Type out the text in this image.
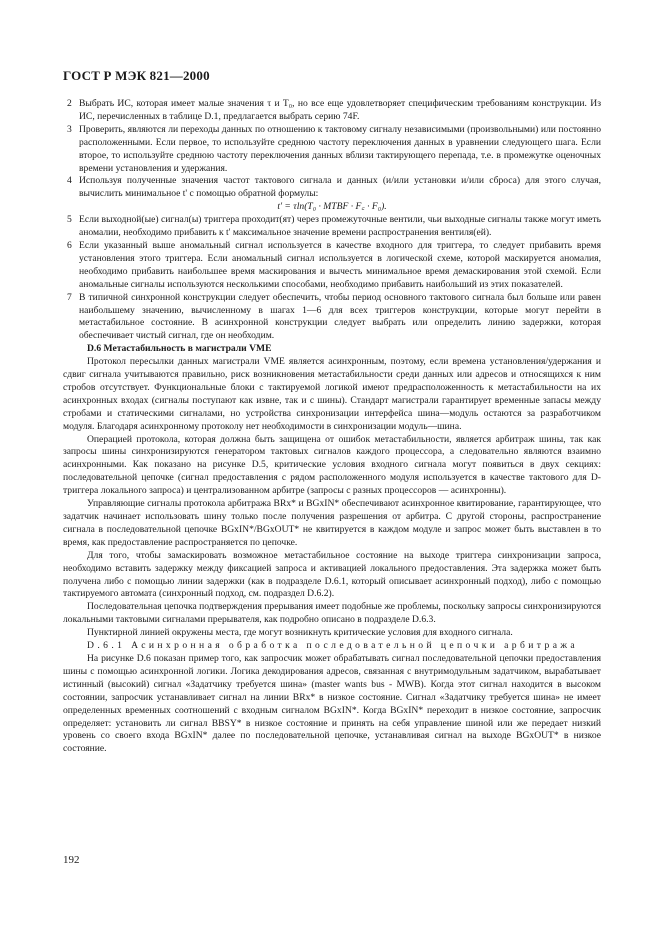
ГОСТ Р МЭК 821—2000
2 Выбрать ИС, которая имеет малые значения τ и T₀, но все еще удовлетворяет специфическим требованиям конструкции. Из ИС, перечисленных в таблице D.1, предлагается выбрать серию 74F.
3 Проверить, являются ли переходы данных по отношению к тактовому сигналу независимыми (произвольными) или постоянно расположенными. Если первое, то используйте среднюю частоту переключения данных в уравнении следующего шага. Если второе, то используйте среднюю частоту переключения данных вблизи тактирующего перепада, т.е. в промежутке оценочных времени установления и удержания.
4 Используя полученные значения частот тактового сигнала и данных (и/или установки и/или сброса) для этого случая, вычислить минимальное t' с помощью обратной формулы:

t' = τln(T₀ · MTBF · F꜀ · F₀).

5 Если выходной(ые) сигнал(ы) триггера проходит(ят) через промежуточные вентили, чьи выходные сигналы также могут иметь аномалии, необходимо прибавить к t' максимальное значение времени распространения вентиля(ей).
6 Если указанный выше аномальный сигнал используется в качестве входного для триггера, то следует прибавить время установления этого триггера. Если аномальный сигнал используется в логической схеме, которой маскируется аномалия, необходимо прибавить наибольшее время маскирования и вычесть минимальное время демаскирования этой схемой. Если аномальные сигналы используются несколькими способами, необходимо прибавить наибольший из этих показателей.
7 В типичной синхронной конструкции следует обеспечить, чтобы период основного тактового сигнала был больше или равен наибольшему значению, вычисленному в шагах 1—6 для всех триггеров конструкции, которые могут перейти в метастабильное состояние. В асинхронной конструкции следует выбрать или определить линию задержки, которая обеспечивает чистый сигнал, где он необходим.

D.6 Метастабильность в магистрали VME

Протокол пересылки данных магистрали VME является асинхронным, поэтому, если времена установления/удержания и сдвиг сигнала учитываются правильно, риск возникновения метастабильности среди данных или адресов и относящихся к ним стробов отсутствует. Функциональные блоки с тактируемой логикой имеют предрасположенность к метастабильности на их асинхронных входах (сигналы поступают как извне, так и с шины). Стандарт магистрали гарантирует временные запасы между стробами и статическими сигналами, но устройства синхронизации интерфейса шина—модуль остаются за разработчиком модуля. Благодаря асинхронному протоколу нет необходимости в синхронизации модуль—шина.

Операцией протокола, которая должна быть защищена от ошибок метастабильности, является арбитраж шины, так как запросы шины синхронизируются генератором тактовых сигналов каждого процессора, а следовательно являются взаимно асинхронными. Как показано на рисунке D.5, критические условия входного сигнала могут появиться в двух секциях: последовательной цепочке (сигнал предоставления с рядом расположенного модуля используется в качестве тактового для D-триггера локального запроса) и централизованном арбитре (запросы с разных процессоров — асинхронны).

Управляющие сигналы протокола арбитража BRx* и BGxIN* обеспечивают асинхронное квитирование, гарантирующее, что задатчик начинает использовать шину только после получения разрешения от арбитра. С другой стороны, распространение сигнала в последовательной цепочке BGxIN*/BGxOUT* не квитируется в каждом модуле и запрос может быть выставлен в то время, как предоставление распространяется по цепочке.

Для того, чтобы замаскировать возможное метастабильное состояние на выходе триггера синхронизации запроса, необходимо вставить задержку между фиксацией запроса и активацией локального предоставления. Эта задержка может быть получена либо с помощью линии задержки (как в подразделе D.6.1, который описывает асинхронный подход), либо с помощью тактируемого автомата (синхронный подход, см. подраздел D.6.2).

Последовательная цепочка подтверждения прерывания имеет подобные же проблемы, поскольку запросы синхронизируются локальными тактовыми сигналами прерывателя, как подробно описано в подразделе D.6.3.

Пунктирной линией окружены места, где могут возникнуть критические условия для входного сигнала.

D.6.1 Асинхронная обработка последовательной цепочки арбитража

На рисунке D.6 показан пример того, как запросчик может обрабатывать сигнал последовательной цепочки предоставления шины с помощью асинхронной логики. Логика декодирования адресов, связанная с внутримодульным задатчиком, вырабатывает истинный (высокий) сигнал «Задатчику требуется шина» (master wants bus - MWB). Когда этот сигнал находится в высоком состоянии, запросчик устанавливает сигнал на линии BRx* в низкое состояние. Сигнал «Задатчику требуется шина» не имеет определенных временных соотношений с входным сигналом BGxIN*. Когда BGxIN* переходит в низкое состояние, запросчик определяет: установить ли сигнал BBSY* в низкое состояние и принять на себя управление шиной или же передает низкий уровень со своего входа BGxIN* далее по последовательной цепочке, устанавливая сигнал на выходе BGxOUT* в низкое состояние.

192
